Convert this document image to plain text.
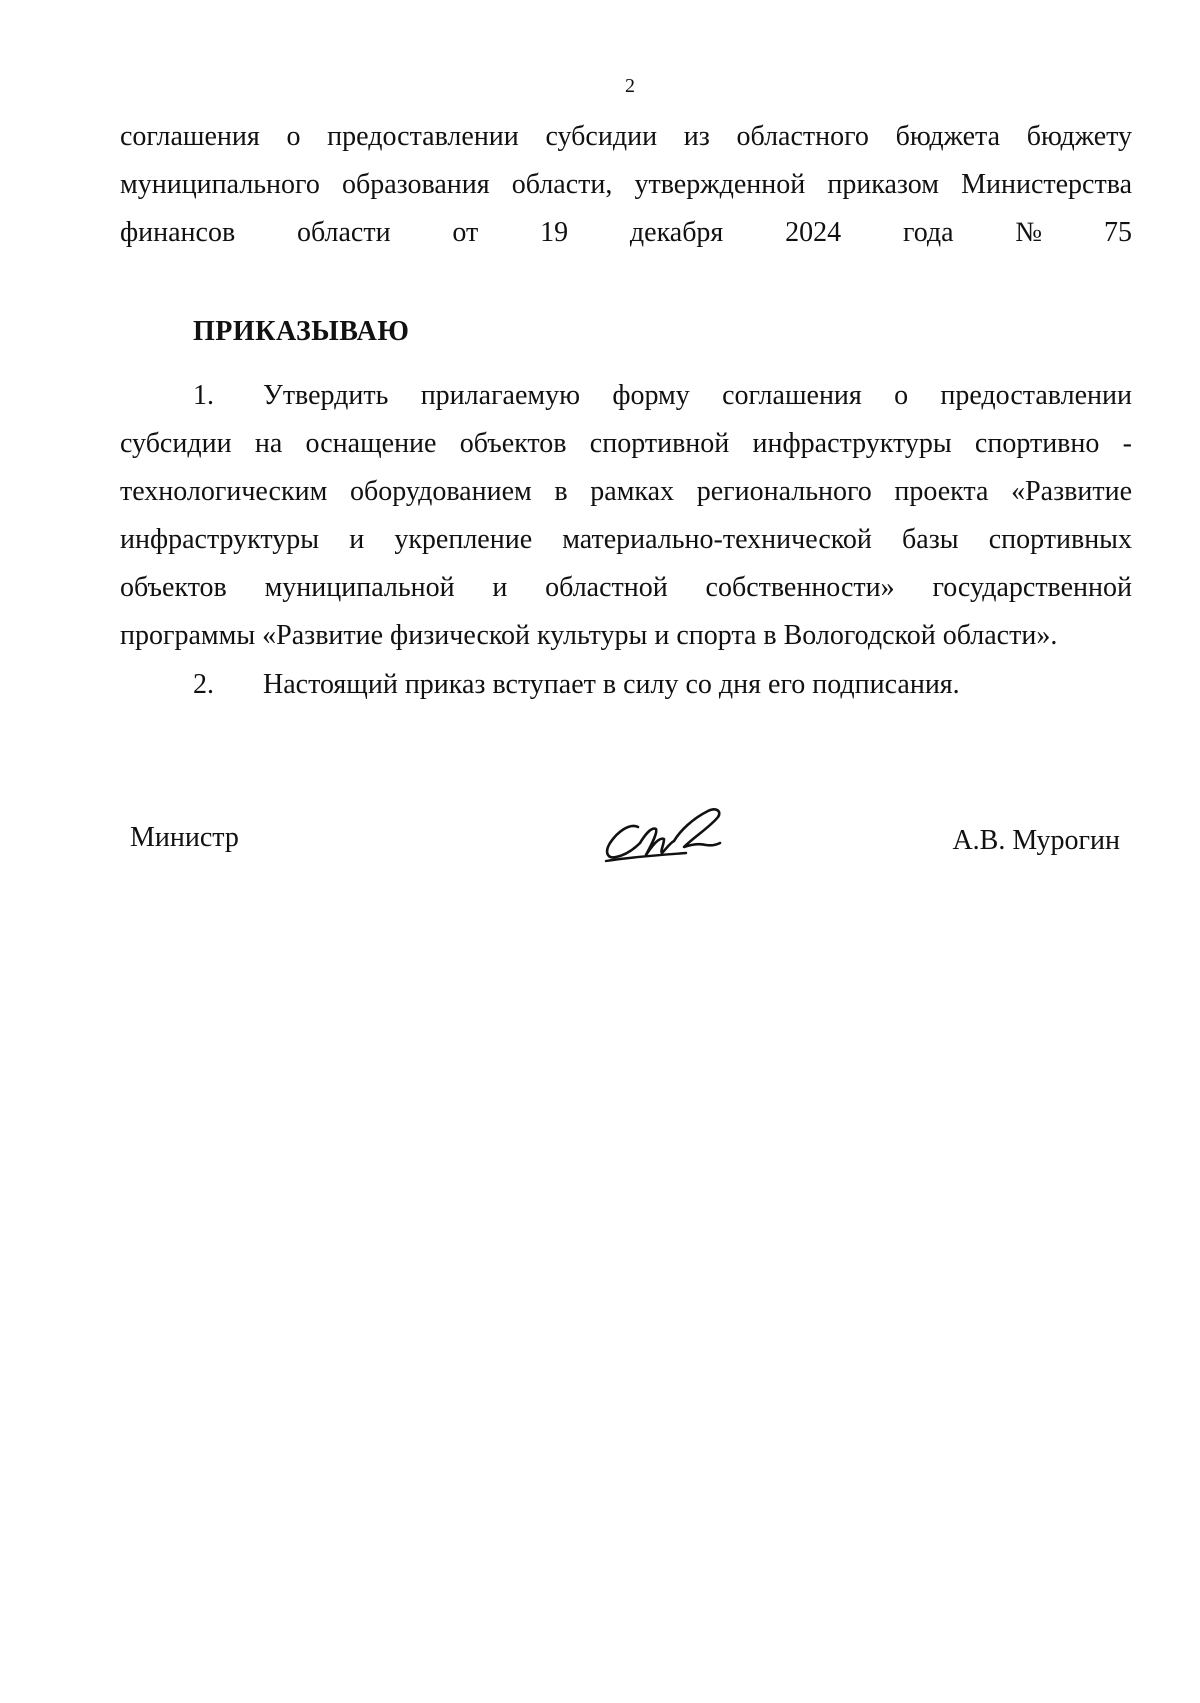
2
соглашения о предоставлении субсидии из областного бюджета бюджету
муниципального образования области, утвержденной приказом Министерства
финансов области от 19 декабря 2024 года № 75
ПРИКАЗЫВАЮ
1. Утвердить прилагаемую форму соглашения о предоставлении
субсидии на оснащение объектов спортивной инфраструктуры спортивно -
технологическим оборудованием в рамках регионального проекта «Развитие
инфраструктуры и укрепление материально-технической базы спортивных
объектов муниципальной и областной собственности» государственной
программы «Развитие физической культуры и спорта в Вологодской области».
2. Настоящий приказ вступает в силу со дня его подписания.
Министр	А.В. Мурогин
